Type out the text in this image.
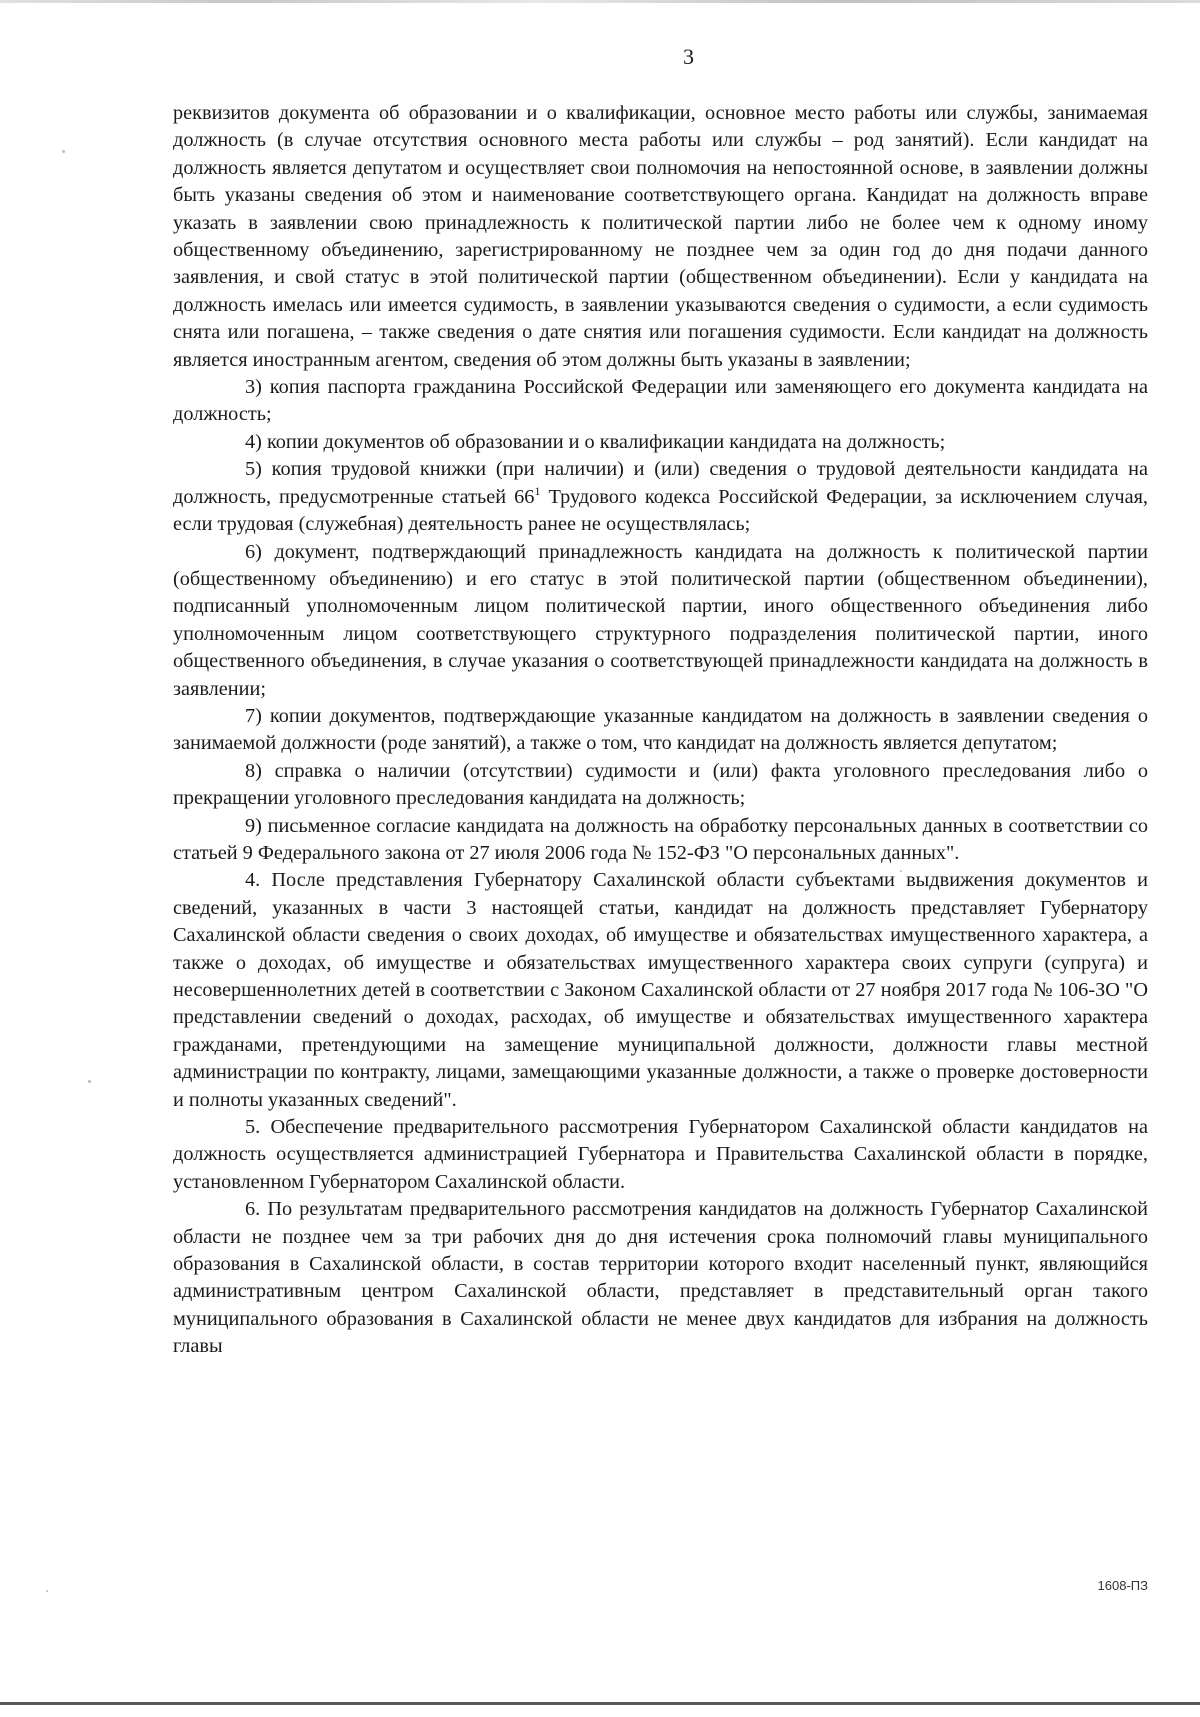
3

реквизитов документа об образовании и о квалификации, основное место работы или службы, занимаемая должность (в случае отсутствия основного места работы или службы – род занятий). Если кандидат на должность является депутатом и осуществляет свои полномочия на непостоянной основе, в заявлении должны быть указаны сведения об этом и наименование соответствующего органа. Кандидат на должность вправе указать в заявлении свою принадлежность к политической партии либо не более чем к одному иному общественному объединению, зарегистрированному не позднее чем за один год до дня подачи данного заявления, и свой статус в этой политической партии (общественном объединении). Если у кандидата на должность имелась или имеется судимость, в заявлении указываются сведения о судимости, а если судимость снята или погашена, – также сведения о дате снятия или погашения судимости. Если кандидат на должность является иностранным агентом, сведения об этом должны быть указаны в заявлении;

3) копия паспорта гражданина Российской Федерации или заменяющего его документа кандидата на должность;

4) копии документов об образовании и о квалификации кандидата на должность;

5) копия трудовой книжки (при наличии) и (или) сведения о трудовой деятельности кандидата на должность, предусмотренные статьей $66^1$ Трудового кодекса Российской Федерации, за исключением случая, если трудовая (служебная) деятельность ранее не осуществлялась;

6) документ, подтверждающий принадлежность кандидата на должность к политической партии (общественному объединению) и его статус в этой политической партии (общественном объединении), подписанный уполномоченным лицом политической партии, иного общественного объединения либо уполномоченным лицом соответствующего структурного подразделения политической партии, иного общественного объединения, в случае указания о соответствующей принадлежности кандидата на должность в заявлении;

7) копии документов, подтверждающие указанные кандидатом на должность в заявлении сведения о занимаемой должности (роде занятий), а также о том, что кандидат на должность является депутатом;

8) справка о наличии (отсутствии) судимости и (или) факта уголовного преследования либо о прекращении уголовного преследования кандидата на должность;

9) письменное согласие кандидата на должность на обработку персональных данных в соответствии со статьей 9 Федерального закона от 27 июля 2006 года № 152-ФЗ "О персональных данных".

4. После представления Губернатору Сахалинской области субъектами выдвижения документов и сведений, указанных в части 3 настоящей статьи, кандидат на должность представляет Губернатору Сахалинской области сведения о своих доходах, об имуществе и обязательствах имущественного характера, а также о доходах, об имуществе и обязательствах имущественного характера своих супруги (супруга) и несовершеннолетних детей в соответствии с Законом Сахалинской области от 27 ноября 2017 года № 106-ЗО "О представлении сведений о доходах, расходах, об имуществе и обязательствах имущественного характера гражданами, претендующими на замещение муниципальной должности, должности главы местной администрации по контракту, лицами, замещающими указанные должности, а также о проверке достоверности и полноты указанных сведений".

5. Обеспечение предварительного рассмотрения Губернатором Сахалинской области кандидатов на должность осуществляется администрацией Губернатора и Правительства Сахалинской области в порядке, установленном Губернатором Сахалинской области.

6. По результатам предварительного рассмотрения кандидатов на должность Губернатор Сахалинской области не позднее чем за три рабочих дня до дня истечения срока полномочий главы муниципального образования в Сахалинской области, в состав территории которого входит населенный пункт, являющийся административным центром Сахалинской области, представляет в представительный орган такого муниципального образования в Сахалинской области не менее двух кандидатов для избрания на должность главы

1608-ПЗ
